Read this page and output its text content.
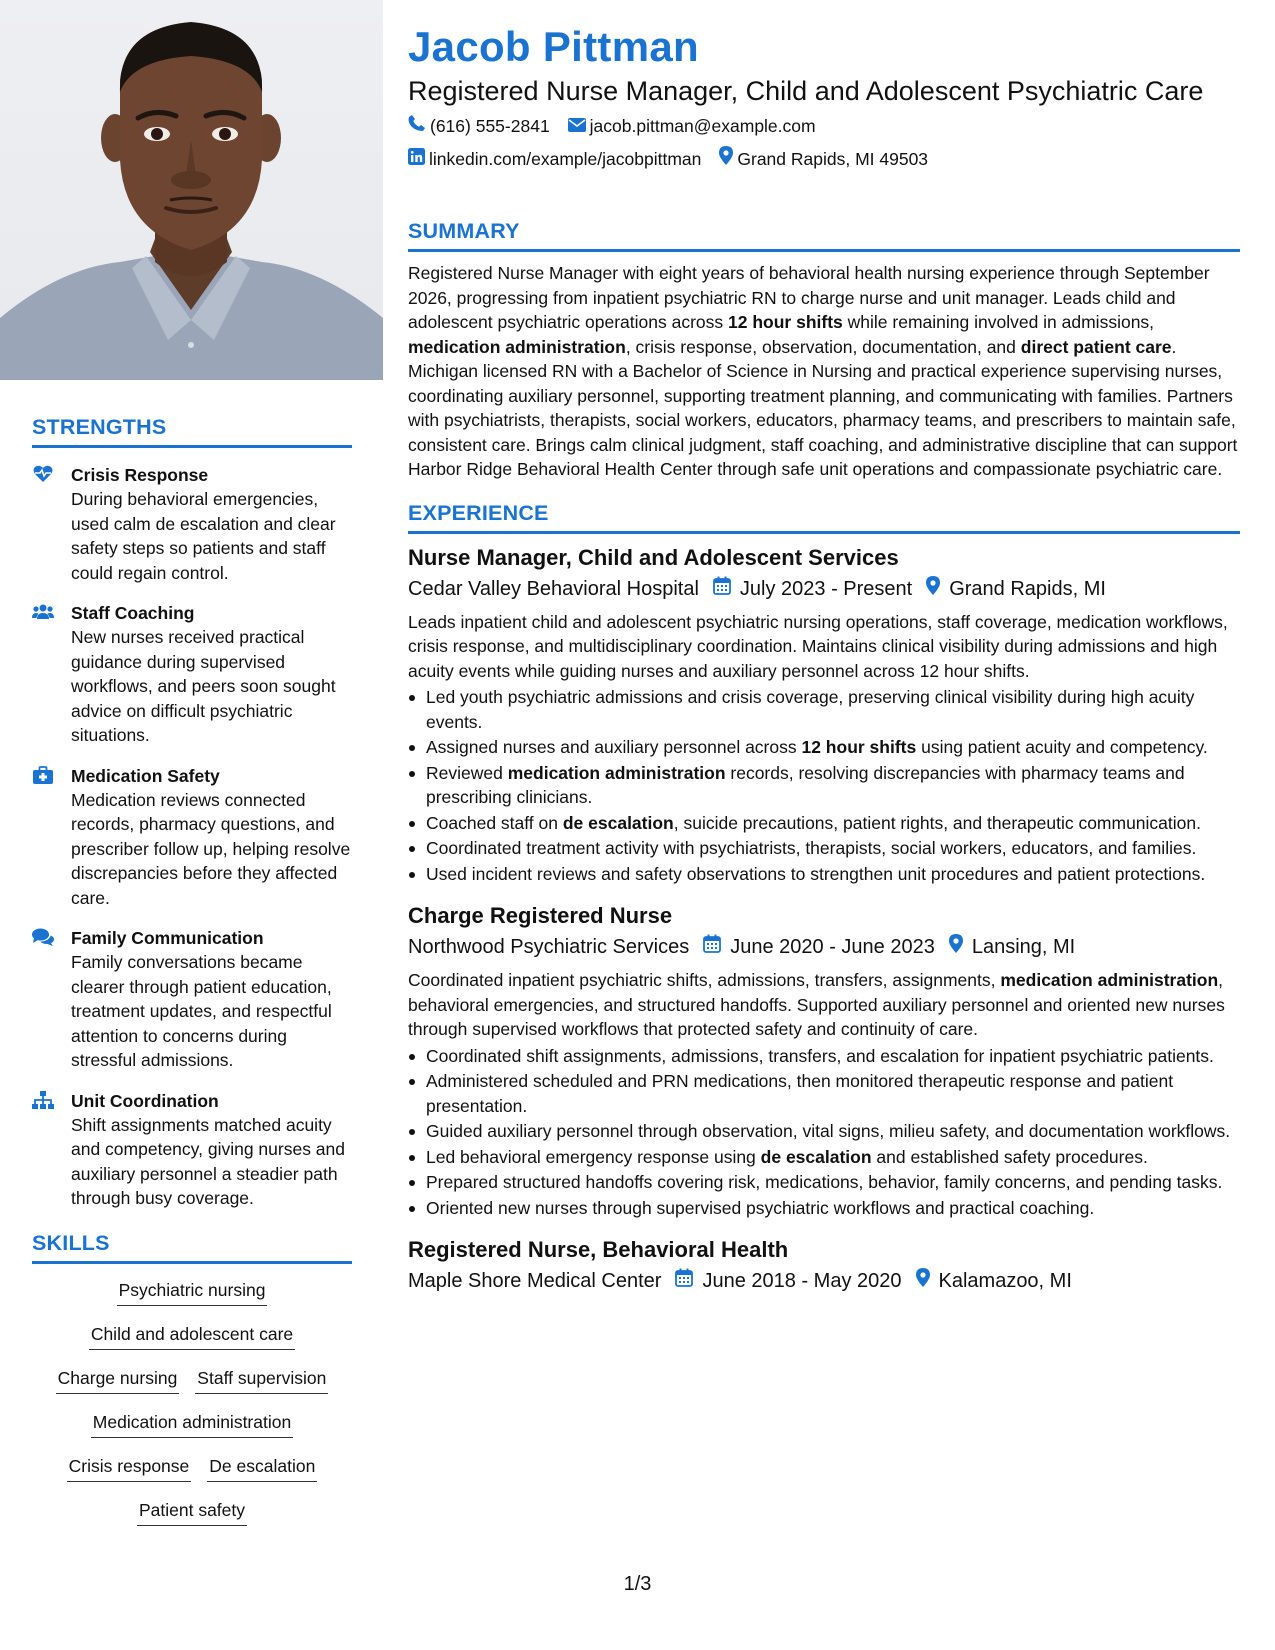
STRENGTHS
Crisis Response
During behavioral emergencies, used calm de escalation and clear safety steps so patients and staff could regain control.
Staff Coaching
New nurses received practical guidance during supervised workflows, and peers soon sought advice on difficult psychiatric situations.
Medication Safety
Medication reviews connected records, pharmacy questions, and prescriber follow up, helping resolve discrepancies before they affected care.
Family Communication
Family conversations became clearer through patient education, treatment updates, and respectful attention to concerns during stressful admissions.
Unit Coordination
Shift assignments matched acuity and competency, giving nurses and auxiliary personnel a steadier path through busy coverage.
SKILLS
Psychiatric nursing
Child and adolescent care
Charge nursing Staff supervision
Medication administration
Crisis response De escalation
Patient safety
Jacob Pittman
Registered Nurse Manager, Child and Adolescent Psychiatric Care
(616) 555-2841 jacob.pittman@example.com
linkedin.com/example/jacobpittman Grand Rapids, MI 49503
SUMMARY
Registered Nurse Manager with eight years of behavioral health nursing experience through September 2026, progressing from inpatient psychiatric RN to charge nurse and unit manager. Leads child and adolescent psychiatric operations across 12 hour shifts while remaining involved in admissions, medication administration, crisis response, observation, documentation, and direct patient care. Michigan licensed RN with a Bachelor of Science in Nursing and practical experience supervising nurses, coordinating auxiliary personnel, supporting treatment planning, and communicating with families. Partners with psychiatrists, therapists, social workers, educators, pharmacy teams, and prescribers to maintain safe, consistent care. Brings calm clinical judgment, staff coaching, and administrative discipline that can support Harbor Ridge Behavioral Health Center through safe unit operations and compassionate psychiatric care.
EXPERIENCE
Nurse Manager, Child and Adolescent Services
Cedar Valley Behavioral Hospital July 2023 - Present Grand Rapids, MI
Leads inpatient child and adolescent psychiatric nursing operations, staff coverage, medication workflows, crisis response, and multidisciplinary coordination. Maintains clinical visibility during admissions and high acuity events while guiding nurses and auxiliary personnel across 12 hour shifts.
Led youth psychiatric admissions and crisis coverage, preserving clinical visibility during high acuity events.
Assigned nurses and auxiliary personnel across 12 hour shifts using patient acuity and competency.
Reviewed medication administration records, resolving discrepancies with pharmacy teams and prescribing clinicians.
Coached staff on de escalation, suicide precautions, patient rights, and therapeutic communication.
Coordinated treatment activity with psychiatrists, therapists, social workers, educators, and families.
Used incident reviews and safety observations to strengthen unit procedures and patient protections.
Charge Registered Nurse
Northwood Psychiatric Services June 2020 - June 2023 Lansing, MI
Coordinated inpatient psychiatric shifts, admissions, transfers, assignments, medication administration, behavioral emergencies, and structured handoffs. Supported auxiliary personnel and oriented new nurses through supervised workflows that protected safety and continuity of care.
Coordinated shift assignments, admissions, transfers, and escalation for inpatient psychiatric patients.
Administered scheduled and PRN medications, then monitored therapeutic response and patient presentation.
Guided auxiliary personnel through observation, vital signs, milieu safety, and documentation workflows.
Led behavioral emergency response using de escalation and established safety procedures.
Prepared structured handoffs covering risk, medications, behavior, family concerns, and pending tasks.
Oriented new nurses through supervised psychiatric workflows and practical coaching.
Registered Nurse, Behavioral Health
Maple Shore Medical Center June 2018 - May 2020 Kalamazoo, MI
1/3
